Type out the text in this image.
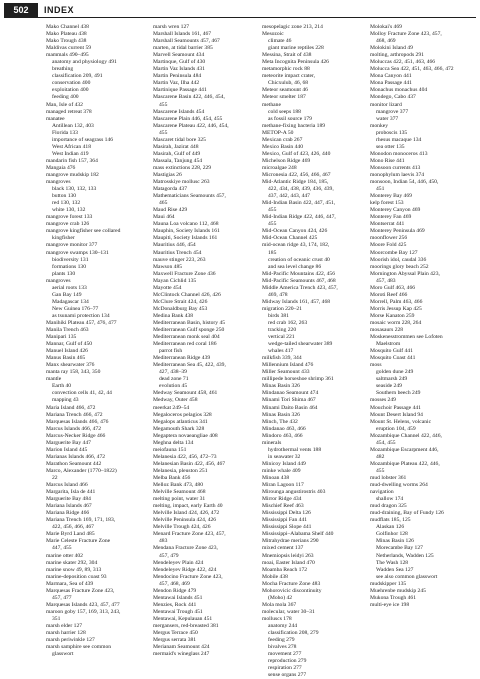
502	INDEX
Mako Channel 438
Mako Plateau 438
Mako Trough 438
Maldivas current 59
mammals 490–495
anatomy and physiology 491
breathing
classification 209, 491
conservation 400
exploitation 400
feeding 400
Man, Isle of 432
managed retreat 378
manatee
Antillean 132, 403
Florida 133
importance of seagrass 146
West African 418
West Indian 419
mandarin fish 157, 364
Mangaia 476
mangrove mudskip 182
mangroves
black 130, 132, 133
button 130
red 130, 132
white 130, 132
mangrove forest 133
mangrove crab 126
mangrove kingfisher see collared
kingfisher
mangrove monitor 377
mangrove swamps 130–131
biodiversity 131
formations 130
plants 130
mangroves
aerial roots 133
Gan Bay 149
Madagascar 134
New Guinea 176–77
as tsunami protection 134
Manihiki Plateau 457, 476, 477
Manila Trench 463
Manipari 135
Mannar, Gulf of 450
Manuel Island 426
Manus Basin 465
Manx shearwater 376
manta ray 158, 343, 350
mantle
Earth 40
convection cells 41, 42, 44
mapping 43
Maria Island 466, 472
Mariana Trench 466, 472
Marquesas Islands 466, 476
Marcus Islands 466, 472
Marcus-Necker Ridge 466
Marguerite Bay 447
Marion Island 445
Marianas Islands 466, 472
Marathon Seamount 442
Marco, Alexander (1770–1822)
22
Marcus Island 466
Margarita, Isla de 441
Marguerite Bay 484
Mariana Islands 467
Mariana Ridge 466
Mariana Trench 169, 171, 183,
422, 456, 466, 467
Marie Byrd Land 485
Marie Celeste Fracture Zone
447, 455
marine otter 402
marine skater 292, 304
marine snow 49, 89, 313
marine-deposition coast 93
Marmara, Sea of 439
Marquesas Fracture Zone 423,
457, 477
Marquesas Islands 423, 457, 477
maroon goby 157, 169, 313, 243,
351
marsh elder 127
marsh harrier 128
marsh periwinkle 127
marsh samphire see common
glasswort
marsh wren 127
Marshall Islands 161, 467
Marshall Seamounts 457, 467
marten, at tidal barrier 385
Marvell Seamount 434
Martinque, Gulf of 430
Martin Vaz Islands 431
Martin Peninsula 484
Martin Vaz, Ilha 442
Martinique Passage 441
Mascarene Basin 422, 446, 454,
455
Mascarene Islands 454
Mascarene Plain 446, 454, 455
Mascarene Plateau 422, 446, 454,
455
Mascaret tidal bore 325
Masirah, Jazirat 448
Masirah, Gulf of 449
Massala, Tanjung 454
mass extinctions 228, 229
Mastigias 26
Matrosskiye mollusc 263
Matagorda 437
Mathematicians Seamounts 457,
465
Maud Rise 429
Maui 464
Mauna Loa volcano 112, 468
Mauphin, Society Islands 161
Maupiti, Society Islands 161
Mauritius 446, 454
Mauritius Trench 454
mauve stinger 223, 263
Mawson 485
Maxwell Fracture Zone 436
Mayan Cichlid 135
Mayotte 454
McClintock Channel 426, 426
McClure Strait 424, 426
McDonaldburg Bay 453
Medina Bank 438
Mediterranean Basin, history 45
Mediterranean Gulf sponge 250
Mediterranean monk seal 404
Mediterranean red coral 186
parrot fish
Mediterranean Ridge 439
Mediterranean Sea 45, 422, 439,
427, 438–39
dead zone 71
evolution 45
Medway Seamount 458, 461
Medway, Outer 458
meerkat 249–54
Megaloceros pelagios 328
Megalops atlanticus 341
Megamouth Shark 328
Megaptera novaeangliae 408
Meghna delta 134
meiofauna 151
Melanesia 422, 456, 472–73
Melanesian Basin 422, 456, 467
Melanesia, pleuston 251
Melba Bank 456
Melloz Bank 473, 480
Melville Seamount 468
melting point, water 31
melting, impact, early Earth 40
Melville Island 424, 426, 472
Melville Peninsula 424, 426
Melville Trough 424, 426
Menard Fracture Zone 423, 457,
483
Mendana Fracture Zone 423,
457, 479
Mendeleyev Plain 424
Mendeleyev Ridge 422, 424
Mendocino Fracture Zone 423,
457, 468, 469
Mendon Ridge 479
Mentawai Islands 451
Menzies, Rock 441
Mentawai Trough 451
Mentawai, Kepulauan 451
mergansers, red-breasted 381
Mergus Terrace 450
Mergus serrata 381
Merianam Seamount 424
mermaid's wineglass 247
mesopelagic zone 213, 214
Mesozoic
climate 46
giant marine reptiles 228
Messina, Strait of 438
Meta Incognita Peninsula 426
metamorphic rock 88
meteorite impact crater,
Chicxulub, 46, 68
Meteor seamount 46
Meteor smelter 187
methane
cold seeps 188
as fossil source 179
methane-fixing bacteria 189
METOP-A 50
Mexican crab 267
Mexico Basin 440
Mexico, Gulf of 423, 426, 440
Michelson Ridge 469
microalgae 248
Micronesia 422, 456, 466, 467
Mid-Atlantic Ridge 184, 185,
422, 434, 438, 439, 436, 439,
437, 442, 443, 447
Mid-Indian Basin 422, 447, 451,
455
Mid-Indian Ridge 422, 446, 447,
455
Mid-Ocean Canyon 424, 426
Mid-Ocean Channel 425
mid-ocean ridge 43, 174, 182,
185
creation of oceanic crust 40
and sea level change 86
Mid-Pacific Mountains 422, 456
Mid-Pacific Seamounts 467, 468
Middle America Trench 423, 457,
469, 478
Midway Islands 161, 457, 468
migration 220–21
birds 381
red crab 162, 263
tracking 220
vertical 221
wedge-tailed shearwater 389
whales 417
milkfish 339, 344
Millennium Island 476
Miller Seamount 433
millipede horseshoe shrimp 361
Minas Basin 326
Mindanao Seamount 474
Minami Tori Shima 467
Minami Daito Basin 464
Minas Basin 326
Minch, The 432
Mindanao 463, 466
Mindoro 463, 466
minerals
hydrothermal vents 188
in seawater 32
Minicoy Island 449
minke whale 409
Minoan 438
Miran Lagoon 117
Mirounga angustirostris 403
Mirror Ridge 434
Mischief Reef 463
Mississippi Delta 126
Mississippi Fan 441
Mississippi Slope 441
Mississippi–Alabama Shelf 440
Mitrahydrae merians 290
mixed cement 137
Mnemiopsis leidyi 263
moai, Easter Island 470
Moamba Reach 172
Mobile 438
Mocha Fracture Zone 483
Mohorovicic discontinuity
(Moho) 42
Mola mola 367
molecular, water 30–31
molluscs 178
anatomy 244
classification 208, 279
feeding 279
bivalves 278
movement 277
reproduction 279
respiration 277
sense organs 277
Molokai's 469
Molloy Fracture Zone 423, 457,
468, 469
Molokini Island 49
molting, arthropods 291
Moluccas 422, 451, 463, 466
Molucca Sea 422, 451, 463, 466, 472
Mona Canyon 441
Mona Passage 441
Monachus monachus 404
Mondego, Cabo 437
monitor lizard
mangrove 377
water 377
monkey
proboscis 135
rhesus macaque 134
sea otter 135
Monodon monoceros 413
Mono Rise 441
Monsoon currents 413
monophylum laevis 374
monsoon, Indian 54, 446, 450,
451
Monterey Bay 469
kelp forest 153
Monterey Canyon 469
Monterey Fan 469
Montserrat 441
Monterey Peninsula 469
moonflower 256
Moore Fold 425
Moorcombe Bay 127
Moorish idol, caudal 336
moorings glory beach 252
Mornington Abyssal Plain 423,
457, 483
Moro Gulf 463, 466
Moroti Reef 466
Morrell, Palm 463, 466
Morris Jessup Kap 425
Morse Kanaton 259
mosaic worm 228, 264
mosasaurs 228
Moskenesstrommen see Lofoten
Maelstrom
Mosquito Gulf 441
Mosquito Coast 441
moss
golden dune 249
saltmarsh 249
seaside 249
Southern beech 249
mosses 249
Mouchoir Passage 441
Mount Desert Island 94
Mount St. Helens, volcanic
eruption 104, 459
Mozambique Channel 422, 446,
454, 455
Mozambique Escarpment 446,
482
Mozambique Plateau 422, 446,
455
mud lobster 361
mud-dwelling worms 264
navigation
shallow 174
mud dragon 325
mud-draining, Bay of Fundy 126
mudflats 185, 125
Alaskan 126
Golfinhor 128
Minas Basin 126
Morecambe Bay 127
Netherlands, Wadden 125
The Wash 128
Wadden Sea 127
see also common glasswort
mudskipper 135
Muehrenbe mudskip 245
Mukona Trough 461
multi-eye ice 198
